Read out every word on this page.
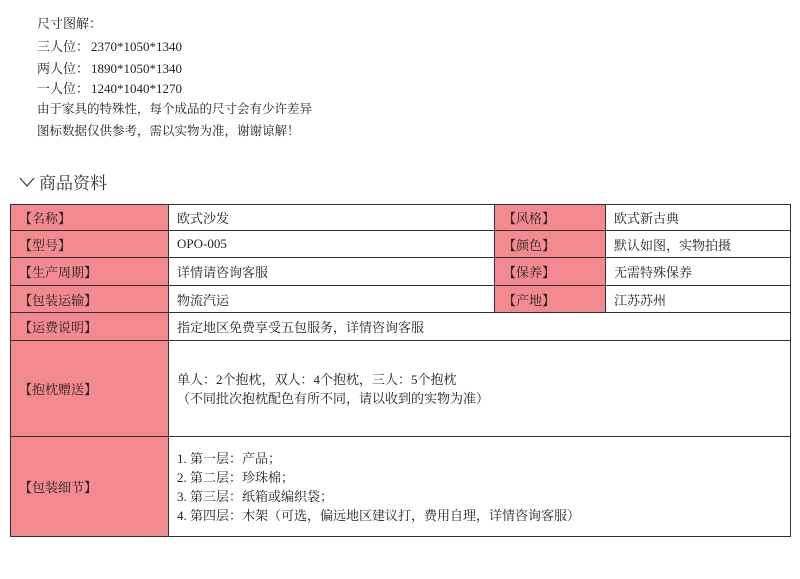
尺寸图解：
三人位： 2370*1050*1340
两人位： 1890*1050*1340
一人位： 1240*1040*1270
由于家具的特殊性，每个成品的尺寸会有少许差异
图标数据仅供参考，需以实物为准，谢谢谅解！
商品资料
【名称】	欧式沙发	【风格】	欧式新古典
【型号】	OPO-005	【颜色】	默认如图，实物拍摄
【生产周期】	详情请咨询客服	【保养】	无需特殊保养
【包装运输】	物流汽运	【产地】	江苏苏州
【运费说明】	指定地区免费享受五包服务，详情咨询客服		
【抱枕赠送】	单人：2个抱枕，双人：4个抱枕，三人：5个抱枕
（不同批次抱枕配色有所不同，请以收到的实物为准）		

【包装细节】	1. 第一层：产品；
2. 第二层：珍珠棉；
3. 第三层：纸箱或编织袋；
4. 第四层：木架（可选，偏远地区建议打，费用自理，详情咨询客服）		
